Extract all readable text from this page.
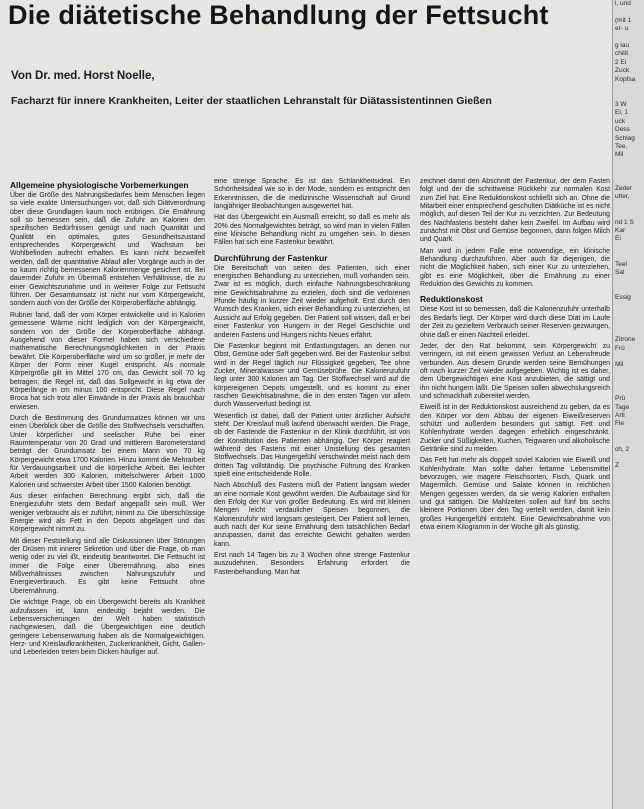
Die diätetische Behandlung der Fettsucht
Von Dr. med. Horst Noelle,
Facharzt für innere Krankheiten, Leiter der staatlichen Lehranstalt für Diätassistentinnen Gießen
Allgemeine physiologische Vorbemerkungen

Über die Größe des Nahrungsbedarfes beim Menschen liegen so viele exakte Untersuchungen vor, daß sich Diätverordnung über diese Grundlagen kaum noch erübrigen. Die Ernährung soll so bemessen sein, daß die Zufuhr an Kalorien den spezifischen Bedürfnissen genügt und nach Quantität und Qualität ein optimales, gutes Gesundheitszustand entsprechendes Körpergewicht und Wachstum bei Wohlbefinden aufrecht erhalten. Es kann nicht bezweifelt werden, daß der quantitative Ablauf aller Vorgänge auch in der so kaum richtig bemessenen Kalorienmenge gesichert ist. Bei dauernder Zufuhr im Übermaß entstehen Verhältnisse, die zu einer Gewichtszunahme und in weiterer Folge zur Fettsucht führen. Der Gesamtumsatz ist nicht nur vom Körpergewicht, sondern auch von der Größe der Körperoberfläche abhängig.

Rubner fand, daß der vom Körper entwickelte und in Kalorien gemessene Wärme nicht lediglich von der Körpergewicht, sondern von der Größe der Körperoberfläche abhängt. Ausgehend von dieser Formel haben sich verschiedene mathematische Berechnungsmöglichkeiten in der Praxis bewährt. Die Körperoberfläche wird um so größer, je mehr der Körper der Form einer Kugel entspricht. Als normale Körpergröße gilt im Mittel 170 cm, das Gewicht soll 70 kg betragen; die Regel ist, daß das Sollgewicht in kg etwa der Körperlänge in cm minus 100 entspricht. Diese Regel nach Broca hat sich trotz aller Einwände in der Praxis als brauchbar erwiesen.

Durch die Bestimmung des Grundumsatzes können wir uns einen Überblick über die Größe des Stoffwechsels verschaffen. Unter körperlicher und seelischer Ruhe bei einer Raumtemperatur von 20 Grad und mittlerem Barometerstand beträgt der Grundumsatz bei einem Mann von 70 kg Körpergewicht etwa 1700 Kalorien. Hinzu kommt die Mehrarbeit für Verdauungsarbeit und die körperliche Arbeit. Bei leichter Arbeit werden 300 Kalorien, mittelschwerer Arbeit 1000 Kalorien und schwerster Arbeit über 1500 Kalorien benötigt.

Aus dieser einfachen Berechnung ergibt sich, daß die Energiezufuhr stets dem Bedarf angepaßt sein muß. Wer weniger verbraucht als er zuführt, nimmt zu. Die überschüssige Energie wird als Fett in den Depots abgelagert und das Körpergewicht nimmt zu.

Mit dieser Feststellung sind alle Diskussionen über Störungen der Drüsen mit innerer Sekretion und über die Frage, ob man wenig oder zu viel ißt, eindeutig beantwortet. Die Fettsucht ist immer die Folge einer Überernährung, also eines Mißverhältnisses zwischen Nahrungszufuhr und Energieverbrauch. Es gibt keine Fettsucht ohne Überernährung.

Die wichtige Frage, ob ein Übergewicht bereits als Krankheit aufzufassen ist, kann eindeutig bejaht werden. Die Lebensversicherungen der Welt haben statistisch nachgewiesen, daß die Übergewichtigen eine deutlich geringere Lebenserwartung haben als die Normalgewichtigen. Herz- und Kreislaufkrankheiten, Zuckerkrankheit, Gicht, Gallen- und Leberleiden treten beim Dicken häufiger auf.

eine strenge Sprache. Es ist das Schlankheitsideal. Ein Schönheitsideal wie so in der Mode, sondern es entspricht den Erkenntnissen, die die medizinische Wissenschaft auf Grund langjähriger Beobachtungen ausgewertet hat.

Hat das Übergewicht ein Ausmaß erreicht, so daß es mehr als 20% des Normalgewichtes beträgt, so wird man in vielen Fällen eine klinische Behandlung nicht zu umgehen sein. In diesen Fällen hat sich eine Fastenkur bewährt.

Durchführung der Fastenkur

Die Bereitschaft von seiten des Patienten, sich einer energischen Behandlung zu unterziehen, muß vorhanden sein. Zwar ist es möglich, durch einfache Nahrungsbeschränkung eine Gewichtsabnahme zu erzielen, doch sind die verlorenen Pfunde häufig in kurzer Zeit wieder aufgeholt. Erst durch den Wunsch des Kranken, sich einer Behandlung zu unterziehen, ist Aussicht auf Erfolg gegeben. Der Patient soll wissen, daß er bei einer Fastenkur von Hungern in der Regel Geschichte und anderen Fastens und Hungers nichts Neues erfährt.

Die Fastenkur beginnt mit Entlastungstagen, an denen nur Obst, Gemüse oder Saft gegeben wird. Bei der Fastenkur selbst wird in der Regel täglich nur Flüssigkeit gegeben, Tee ohne Zucker, Mineralwasser und Gemüsebrühe. Die Kalorienzufuhr liegt unter 300 Kalorien am Tag. Der Stoffwechsel wird auf die körpereigenen Depots umgestellt, und es kommt zu einer raschen Gewichtsabnahme, die in den ersten Tagen vor allem durch Wasserverlust bedingt ist.

Wesentlich ist dabei, daß der Patient unter ärztlicher Aufsicht steht. Der Kreislauf muß laufend überwacht werden. Die Frage, ob der Fastende die Fastenkur in der Klinik durchführt, ist von der Konstitution des Patienten abhängig. Der Körper reagiert während des Fastens mit einer Umstellung des gesamten Stoffwechsels. Das Hungergefühl verschwindet meist nach dem dritten Tag vollständig. Die psychische Führung des Kranken spielt eine entscheidende Rolle.

Nach Abschluß des Fastens muß der Patient langsam wieder an eine normale Kost gewöhnt werden. Die Aufbautage sind für den Erfolg der Kur von großer Bedeutung. Es wird mit kleinen Mengen leicht verdaulicher Speisen begonnen, die Kalorienzufuhr wird langsam gesteigert. Der Patient soll lernen, auch nach der Kur seine Ernährung dem tatsächlichen Bedarf anzupassen, damit das erreichte Gewicht gehalten werden kann.

Erst nach 14 Tagen bis zu 3 Wochen ohne strenge Fastenkur auszudehnen. Besonders Erfahrung erfordert die Fastenbehandlung. Man hat

zeichnet damit den Abschnitt der Fastenkur, der dem Fasten folgt und der die schrittweise Rückkehr zur normalen Kost zum Ziel hat. Eine Reduktionskost schließt sich an. Ohne die Mitarbeit einer entsprechend geschulten Diätküche ist es nicht möglich, auf diesen Teil der Kur zu verzichten. Zur Bedeutung des Nachfastens besteht daher kein Zweifel. Im Aufbau wird zunächst mit Obst und Gemüse begonnen, dann folgen Milch und Quark.

Man wird in jedem Falle eine notwendige, ein klinische Behandlung durchzuführen. Aber auch für diejenigen, die nicht die Möglichkeit haben, sich einer Kur zu unterziehen, gibt es eine Möglichkeit, über die Ernährung zu einer Reduktion des Gewichts zu kommen.

Reduktionskost

Diese Kost ist so bemessen, daß die Kalorienzufuhr unterhalb des Bedarfs liegt. Der Körper wird durch diese Diät im Laufe der Zeit zu gezieltem Verbrauch seiner Reserven gezwungen, ohne daß er einen Nachteil erleidet.

Jeder, der den Rat bekommt, sein Körpergewicht zu verringern, ist mit einem gewissen Verlust an Lebensfreude verbunden. Aus diesem Grunde werden seine Bemühungen oft nach kurzer Zeit wieder aufgegeben. Wichtig ist es daher, dem Übergewichtigen eine Kost anzubieten, die sättigt und ihn nicht hungern läßt. Die Speisen sollen abwechslungsreich und schmackhaft zubereitet werden.

Eiweiß ist in der Reduktionskost ausreichend zu geben, da es den Körper vor dem Abbau der eigenen Eiweißreserven schützt und außerdem besonders gut sättigt. Fett und Kohlenhydrate werden dagegen erheblich eingeschränkt. Zucker und Süßigkeiten, Kuchen, Teigwaren und alkoholische Getränke sind zu meiden.

Das Fett hat mehr als doppelt soviel Kalorien wie Eiweiß und Kohlenhydrate. Man sollte daher fettarme Lebensmittel bevorzugen, wie magere Fleischsorten, Fisch, Quark und Magermilch. Gemüse und Salate können in reichlichen Mengen gegessen werden, da sie wenig Kalorien enthalten und gut sättigen. Die Mahlzeiten sollen auf fünf bis sechs kleinere Portionen über den Tag verteilt werden, damit kein großes Hungergefühl entsteht. Eine Gewichtsabnahme von etwa einem Kilogramm in der Woche gilt als günstig.

l, und

(mit 1
er- u

g lau
chilit
2 Ei
Zuck
Kopfsa

3 W
Ei, 1
uck
Dess
Schlag
Tee,
Mil

Zeder
utter,

nd 1 S
Kar
Ei

Teel
Sal

Essig

Zitrone
Frü

Mil

Prü
Tage
Arti
Fle

ch, 2

Z
